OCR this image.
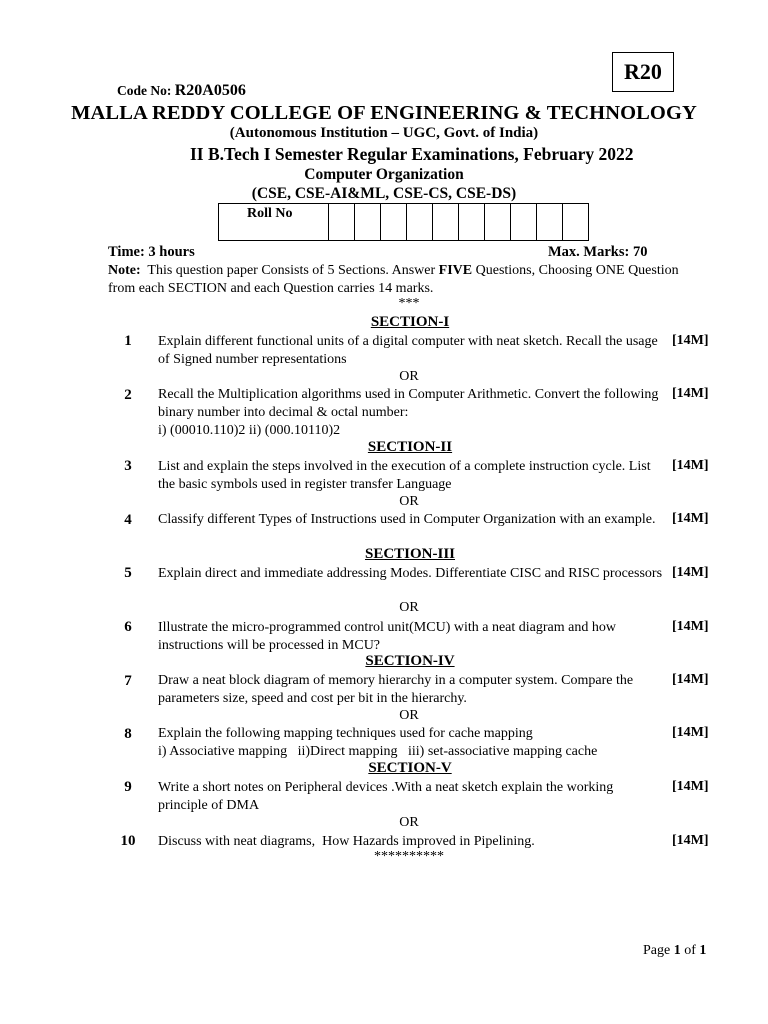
R20
Code No: R20A0506
MALLA REDDY COLLEGE OF ENGINEERING & TECHNOLOGY
(Autonomous Institution – UGC, Govt. of India)
II B.Tech I Semester Regular Examinations, February 2022
Computer Organization
(CSE, CSE-AI&ML, CSE-CS, CSE-DS)
Roll No										
Time: 3 hours	Max. Marks: 70
Note: This question paper Consists of 5 Sections. Answer FIVE Questions, Choosing ONE Question from each SECTION and each Question carries 14 marks.
***
SECTION-I
1	Explain different functional units of a digital computer with neat sketch. Recall the usage of Signed number representations
[14M]
OR
2	Recall the Multiplication algorithms used in Computer Arithmetic. Convert the following binary number into decimal & octal number:
i) (00010.110)2 ii) (000.10110)2
[14M]
SECTION-II
3	List and explain the steps involved in the execution of a complete instruction cycle. List the basic symbols used in register transfer Language
[14M]
OR
4	Classify different Types of Instructions used in Computer Organization with an example.	[14M]
SECTION-III
5	Explain direct and immediate addressing Modes. Differentiate CISC and RISC processors [14M]
OR
6	Illustrate the micro-programmed control unit(MCU) with a neat diagram and how instructions will be processed in MCU?
[14M]
SECTION-IV
7	Draw a neat block diagram of memory hierarchy in a computer system. Compare the parameters size, speed and cost per bit in the hierarchy.
[14M]
OR
8	Explain the following mapping techniques used for cache mapping
i) Associative mapping   ii)Direct mapping   iii) set-associative mapping cache
[14M]
SECTION-V
9	Write a short notes on Peripheral devices .With a neat sketch explain the working principle of DMA
[14M]
OR
10 Discuss with neat diagrams,  How Hazards improved in Pipelining.	[14M]
**********
Page 1 of 1
